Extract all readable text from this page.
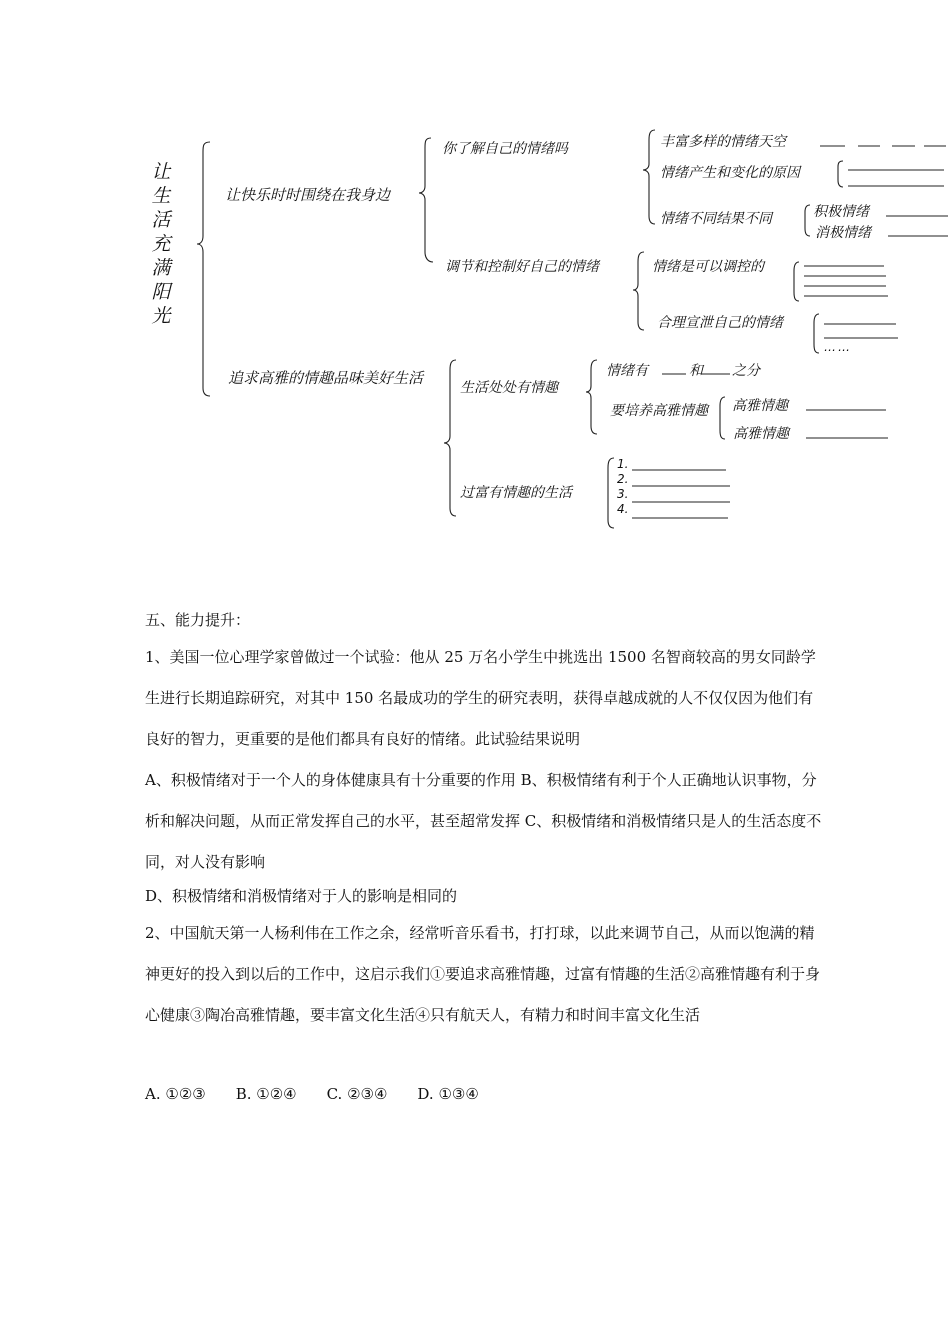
让生活充满阳光
让快乐时时围绕在我身边
你了解自己的情绪吗	丰富多样的情绪天空
情绪产生和变化的原因
情绪不同结果不同	积极情绪
消极情绪
调节和控制好自己的情绪	情绪是可以调控的
合理宣泄自己的情绪
……
追求高雅的情趣品味美好生活
生活处处有情趣
情绪有	和 之分
要培养高雅情趣 高雅情趣
高雅情趣
过富有情趣的生活
1.
2.
3.
4.
五、能力提升：
1、美国一位心理学家曾做过一个试验：他从 25 万名小学生中挑选出 1500 名智商较高的男女同龄学生进行长期追踪研究，对其中 150 名最成功的学生的研究表明，获得卓越成就的人不仅仅因为他们有良好的智力，更重要的是他们都具有良好的情绪。此试验结果说明
A、积极情绪对于一个人的身体健康具有十分重要的作用 B、积极情绪有利于个人正确地认识事物，分析和解决问题，从而正常发挥自己的水平，甚至超常发挥 C、积极情绪和消极情绪只是人的生活态度不同，对人没有影响
D、积极情绪和消极情绪对于人的影响是相同的
2、中国航天第一人杨利伟在工作之余，经常听音乐看书，打打球，以此来调节自己，从而以饱满的精神更好的投入到以后的工作中，这启示我们①要追求高雅情趣，过富有情趣的生活②高雅情趣有利于身心健康③陶冶高雅情趣，要丰富文化生活④只有航天人，有精力和时间丰富文化生活
A. ①②③　　B. ①②④　　C. ②③④　　D. ①③④
